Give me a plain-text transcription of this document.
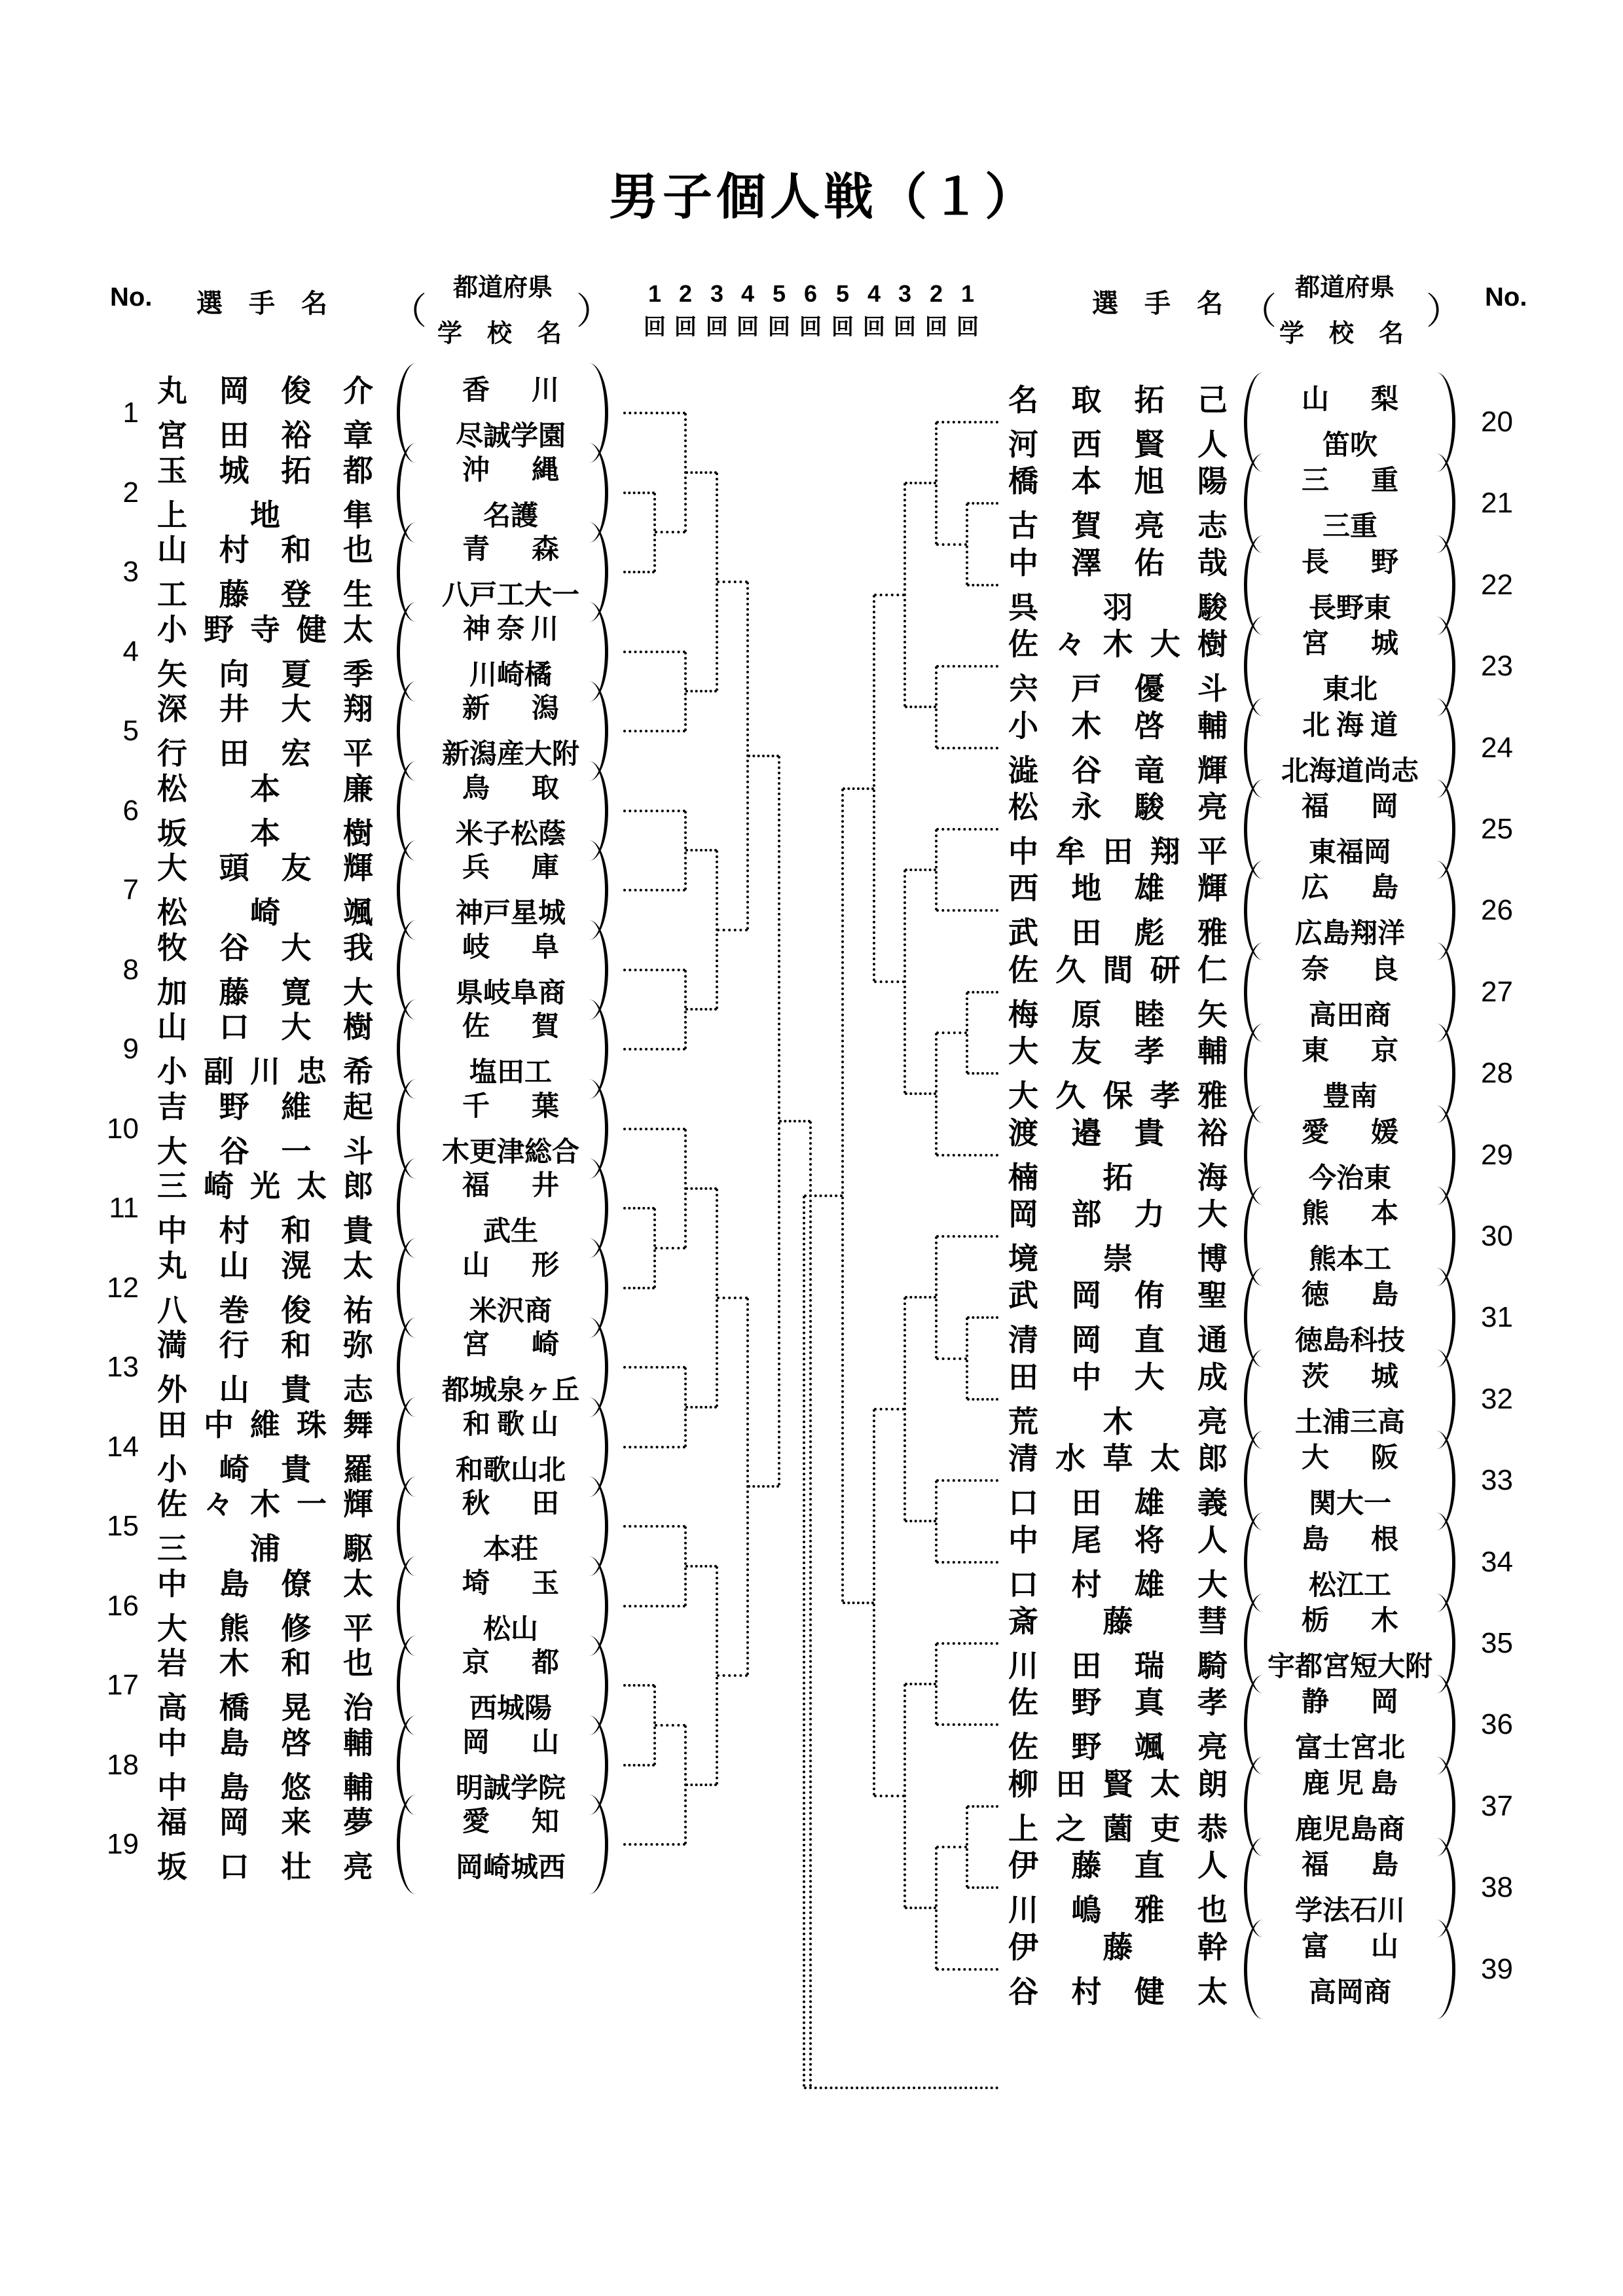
男子個人戦（１）
No. 選　手　名 （
都道府県
学　校　名
）	選　手　名 （
都道府県
学　校　名
） No.
1
回
2
回
3
回
4
回
5
回
6
回
5
回
4
回
3
回
2
回
1
回
1
丸 岡 俊 介
宮 田 裕 章
香 川
尽誠学園
2
玉 城 拓 都
上 地 隼
沖 縄
名護
3
山 村 和 也
工 藤 登 生
青 森
八戸工大一
4
小 野 寺 健 太
矢 向 夏 季
神 奈 川
川崎橘
5
深 井 大 翔
行 田 宏 平
新 潟
新潟産大附
6
松 本 廉
坂 本 樹
鳥 取
米子松蔭
7
大 頭 友 輝
松 崎 颯
兵 庫
神戸星城
8
牧 谷 大 我
加 藤 寛 大
岐 阜
県岐阜商
9
山 口 大 樹
小 副 川 忠 希
佐 賀
塩田工
10
吉 野 維 起
大 谷 一 斗
千 葉
木更津総合
11
三 崎 光 太 郎
中 村 和 貴
福 井
武生
12
丸 山 滉 太
八 巻 俊 祐
山 形
米沢商
13
満 行 和 弥
外 山 貴 志
宮 崎
都城泉ヶ丘
14
田 中 維 珠 舞
小 崎 貴 羅
和 歌 山
和歌山北
15
佐 々 木 一 輝
三 浦 駆
秋 田
本荘
16
中 島 僚 太
大 熊 修 平
埼 玉
松山
17
岩 木 和 也
高 橋 晃 治
京 都
西城陽
18
中 島 啓 輔
中 島 悠 輔
岡 山
明誠学院
19
福 岡 来 夢
坂 口 壮 亮
愛 知
岡崎城西
20
名 取 拓 己
河 西 賢 人
山 梨
笛吹
21
橋 本 旭 陽
古 賀 亮 志
三 重
三重
22
中 澤 佑 哉
呉 羽 駿
長 野
長野東
23
佐 々 木 大 樹
宍 戸 優 斗
宮 城
東北
24
小 木 啓 輔
澁 谷 竜 輝
北 海 道
北海道尚志
25
松 永 駿 亮
中 牟 田 翔 平
福 岡
東福岡
26
西 地 雄 輝
武 田 彪 雅
広 島
広島翔洋
27
佐 久 間 研 仁
梅 原 睦 矢
奈 良
高田商
28
大 友 孝 輔
大 久 保 孝 雅
東 京
豊南
29
渡 邉 貴 裕
楠 拓 海
愛 媛
今治東
30
岡 部 力 大
境 崇 博
熊 本
熊本工
31
武 岡 侑 聖
清 岡 直 通
徳 島
徳島科技
32
田 中 大 成
荒 木 亮
茨 城
土浦三高
33
清 水 草 太 郎
口 田 雄 義
大 阪
関大一
34
中 尾 将 人
口 村 雄 大
島 根
松江工
35
斎 藤 彗
川 田 瑞 騎
栃 木
宇都宮短大附
36
佐 野 真 孝
佐 野 颯 亮
静 岡
富士宮北
37
柳 田 賢 太 朗
上 之 薗 吏 恭
鹿 児 島
鹿児島商
38
伊 藤 直 人
川 嶋 雅 也
福 島
学法石川
39
伊 藤 幹
谷 村 健 太
富 山
高岡商
